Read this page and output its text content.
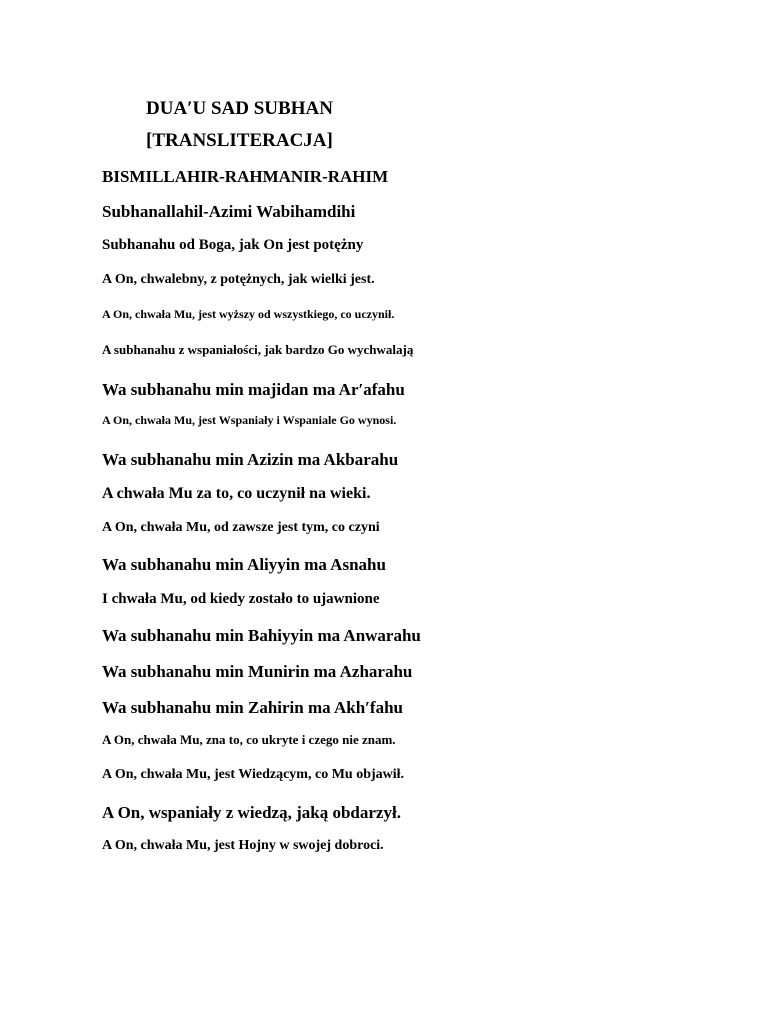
DUAʹU SAD SUBHAN
[TRANSLITERACJA]
BISMILLAHIR-RAHMANIR-RAHIM
Subhanallahil-Azimi Wabihamdihi
Subhanahu od Boga, jak On jest potężny
A On, chwalebny, z potężnych, jak wielki jest.
A On, chwała Mu, jest wyższy od wszystkiego, co uczynił.
A subhanahu z wspaniałości, jak bardzo Go wychwalają
Wa subhanahu min majidan ma Arʹafahu
A On, chwała Mu, jest Wspaniały i Wspaniale Go wynosi.
Wa subhanahu min Azizin ma Akbarahu
A chwała Mu za to, co uczynił na wieki.
A On, chwała Mu, od zawsze jest tym, co czyni
Wa subhanahu min Aliyyin ma Asnahu
I chwała Mu, od kiedy zostało to ujawnione
Wa subhanahu min Bahiyyin ma Anwarahu
Wa subhanahu min Munirin ma Azharahu
Wa subhanahu min Zahirin ma Akhʹfahu
A On, chwała Mu, zna to, co ukryte i czego nie znam.
A On, chwała Mu, jest Wiedzącym, co Mu objawił.
A On, wspaniały z wiedzą, jaką obdarzył.
A On, chwała Mu, jest Hojny w swojej dobroci.
